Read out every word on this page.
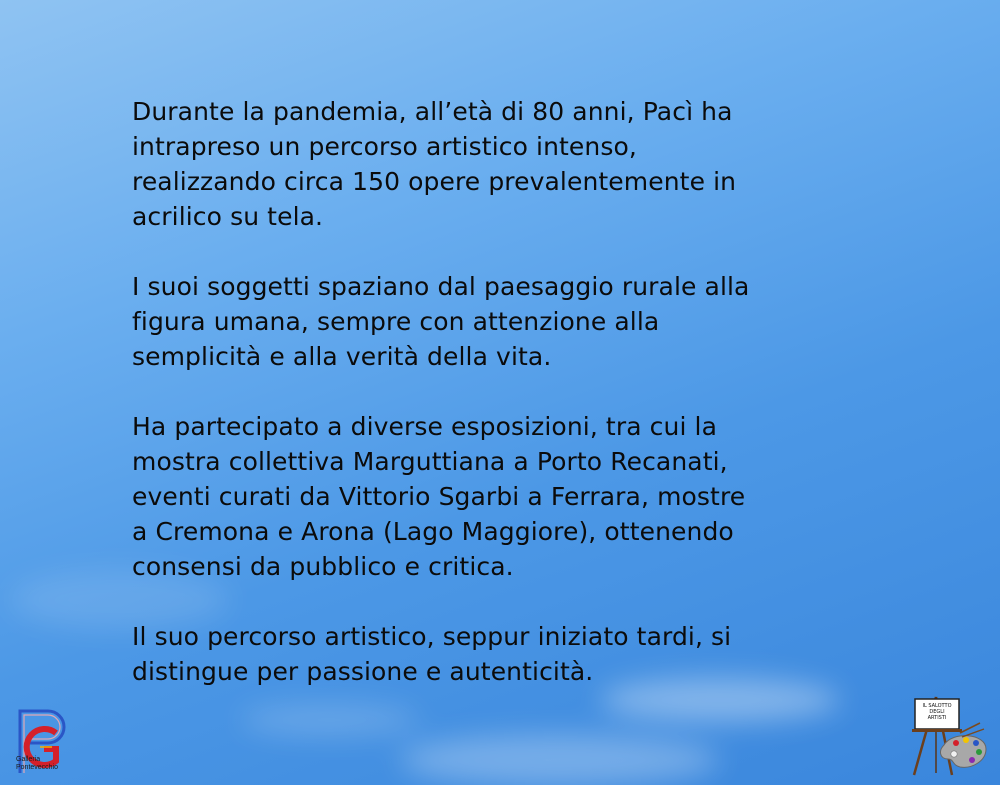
Durante la pandemia, all’età di 80 anni, Pacì ha
intrapreso un percorso artistico intenso,
realizzando circa 150 opere prevalentemente in
acrilico su tela.

I suoi soggetti spaziano dal paesaggio rurale alla
figura umana, sempre con attenzione alla
semplicità e alla verità della vita.

Ha partecipato a diverse esposizioni, tra cui la
mostra collettiva Marguttiana a Porto Recanati,
eventi curati da Vittorio Sgarbi a Ferrara, mostre
a Cremona e Arona (Lago Maggiore), ottenendo
consensi da pubblico e critica.

Il suo percorso artistico, seppur iniziato tardi, si
distingue per passione e autenticità.

Galleria
Pontevecchio
IL SALOTTO
DEGLI
ARTISTI
